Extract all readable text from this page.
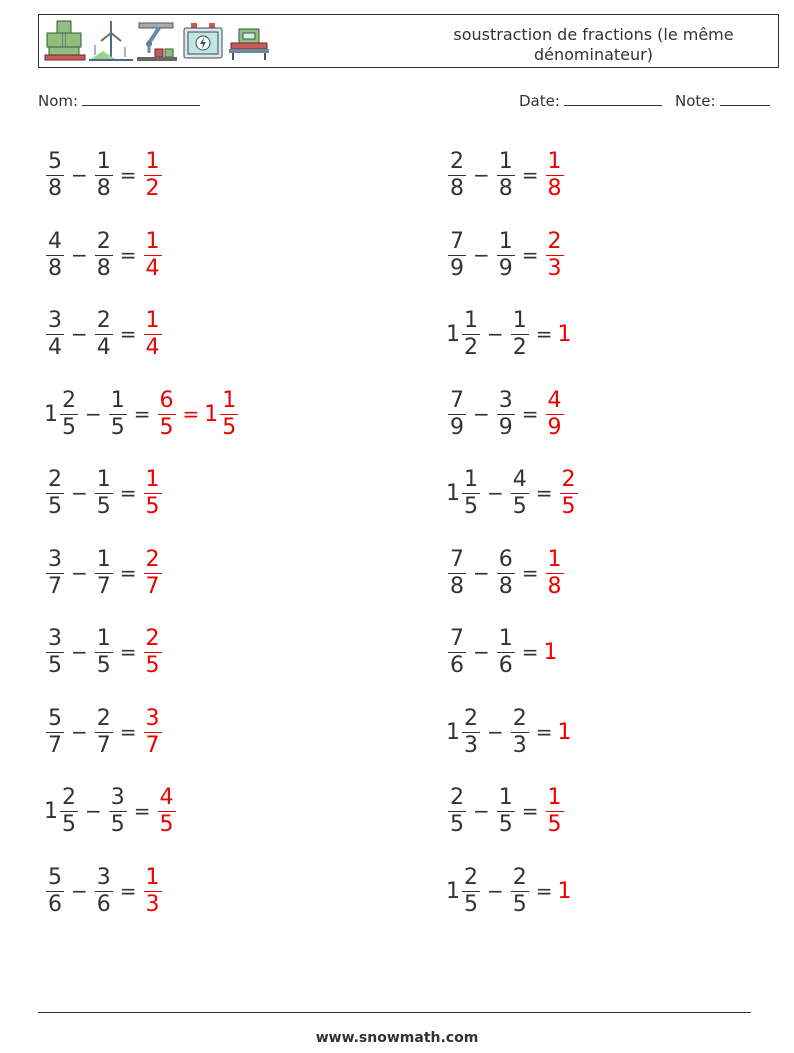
soustraction de fractions (le même dénominateur)
Nom:	Date:	Note:
$\frac{5}{8} - \frac{1}{8} = \frac{1}{2}$	$\frac{2}{8} - \frac{1}{8} = \frac{1}{8}$
$\frac{4}{8} - \frac{2}{8} = \frac{1}{4}$	$\frac{7}{9} - \frac{1}{9} = \frac{2}{3}$
$\frac{3}{4} - \frac{2}{4} = \frac{1}{4}$	$1 \frac{1}{2} - \frac{1}{2} = 1$
$1 \frac{2}{5} - \frac{1}{5} = \frac{6}{5} = 1 \frac{1}{5}$	$\frac{7}{9} - \frac{3}{9} = \frac{4}{9}$
$\frac{2}{5} - \frac{1}{5} = \frac{1}{5}$	$1 \frac{1}{5} - \frac{4}{5} = \frac{2}{5}$
$\frac{3}{7} - \frac{1}{7} = \frac{2}{7}$	$\frac{7}{8} - \frac{6}{8} = \frac{1}{8}$
$\frac{3}{5} - \frac{1}{5} = \frac{2}{5}$	$\frac{7}{6} - \frac{1}{6} = 1$
$\frac{5}{7} - \frac{2}{7} = \frac{3}{7}$	$1 \frac{2}{3} - \frac{2}{3} = 1$
$1 \frac{2}{5} - \frac{3}{5} = \frac{4}{5}$	$\frac{2}{5} - \frac{1}{5} = \frac{1}{5}$
$\frac{5}{6} - \frac{3}{6} = \frac{1}{3}$	$1 \frac{2}{5} - \frac{2}{5} = 1$
www.snowmath.com
